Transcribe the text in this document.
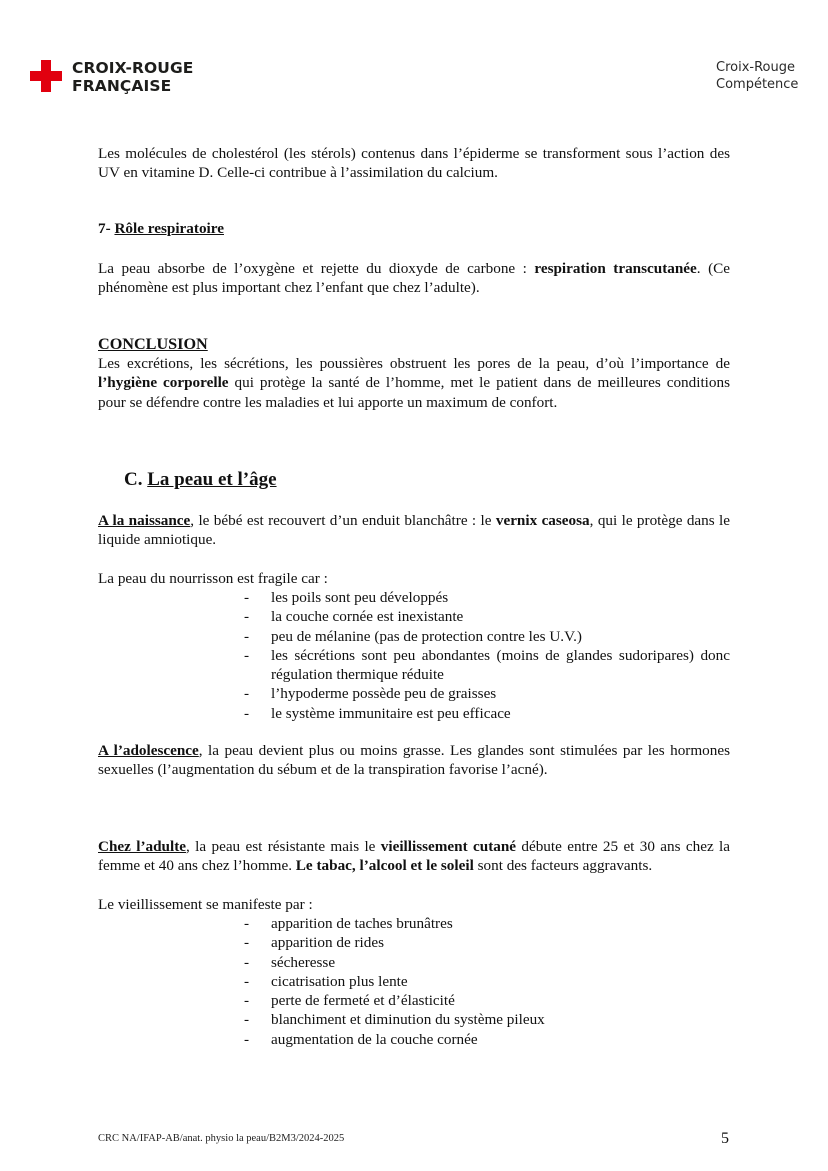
CROIX-ROUGE
FRANÇAISE
Croix-Rouge
Compétence
Les molécules de cholestérol (les stérols) contenus dans l’épiderme se transforment sous l’action des UV en vitamine D. Celle-ci contribue à l’assimilation du calcium.
7- Rôle respiratoire
La peau absorbe de l’oxygène et rejette du dioxyde de carbone : respiration transcutanée. (Ce phénomène est plus important chez l’enfant que chez l’adulte).
CONCLUSION
Les excrétions, les sécrétions, les poussières obstruent les pores de la peau, d’où l’importance de l’hygiène corporelle qui protège la santé de l’homme, met le patient dans de meilleures conditions pour se défendre contre les maladies et lui apporte un maximum de confort.
C. La peau et l’âge
A la naissance, le bébé est recouvert d’un enduit blanchâtre : le vernix caseosa, qui le protège dans le liquide amniotique.
La peau du nourrisson est fragile car :
- les poils sont peu développés
- la couche cornée est inexistante
- peu de mélanine (pas de protection contre les U.V.)
- les sécrétions sont peu abondantes (moins de glandes sudoripares) donc régulation thermique réduite
- l’hypoderme possède peu de graisses
- le système immunitaire est peu efficace
A l’adolescence, la peau devient plus ou moins grasse. Les glandes sont stimulées par les hormones sexuelles (l’augmentation du sébum et de la transpiration favorise l’acné).
Chez l’adulte, la peau est résistante mais le vieillissement cutané débute entre 25 et 30 ans chez la femme et 40 ans chez l’homme. Le tabac, l’alcool et le soleil sont des facteurs aggravants.
Le vieillissement se manifeste par :
- apparition de taches brunâtres
- apparition de rides
- sécheresse
- cicatrisation plus lente
- perte de fermeté et d’élasticité
- blanchiment et diminution du système pileux
- augmentation de la couche cornée
CRC NA/IFAP-AB/anat. physio la peau/B2M3/2024-2025	5
